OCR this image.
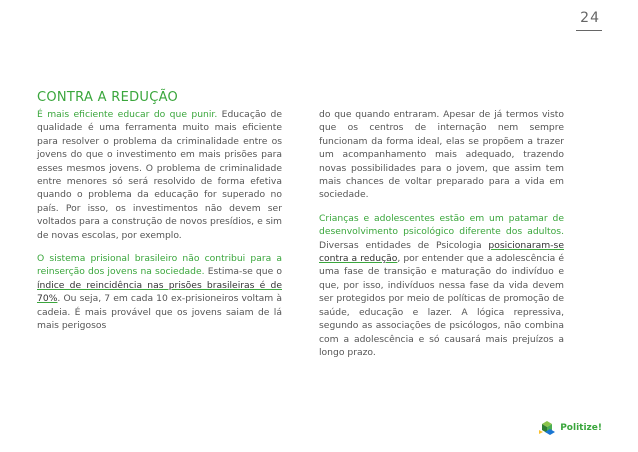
24
CONTRA A REDUÇÃO

É mais eficiente educar do que punir. Educação de qualidade é uma ferramenta muito mais eficiente para resolver o problema da criminalidade entre os jovens do que o investimento em mais prisões para esses mesmos jovens. O problema de criminalidade entre menores só será resolvido de forma efetiva quando o problema da educação for superado no país. Por isso, os investimentos não devem ser voltados para a construção de novos presídios, e sim de novas escolas, por exemplo.

O sistema prisional brasileiro não contribui para a reinserção dos jovens na sociedade. Estima-se que o índice de reincidência nas prisões brasileiras é de 70%. Ou seja, 7 em cada 10 ex-prisioneiros voltam à cadeia. É mais provável que os jovens saiam de lá mais perigosos

do que quando entraram. Apesar de já termos visto que os centros de internação nem sempre funcionam da forma ideal, elas se propõem a trazer um acompanhamento mais adequado, trazendo novas possibilidades para o jovem, que assim tem mais chances de voltar preparado para a vida em sociedade.

Crianças e adolescentes estão em um patamar de desenvolvimento psicológico diferente dos adultos. Diversas entidades de Psicologia posicionaram-se contra a redução, por entender que a adolescência é uma fase de transição e maturação do indivíduo e que, por isso, indivíduos nessa fase da vida devem ser protegidos por meio de políticas de promoção de saúde, educação e lazer. A lógica repressiva, segundo as associações de psicólogos, não combina com a adolescência e só causará mais prejuízos a longo prazo.

Politize!
